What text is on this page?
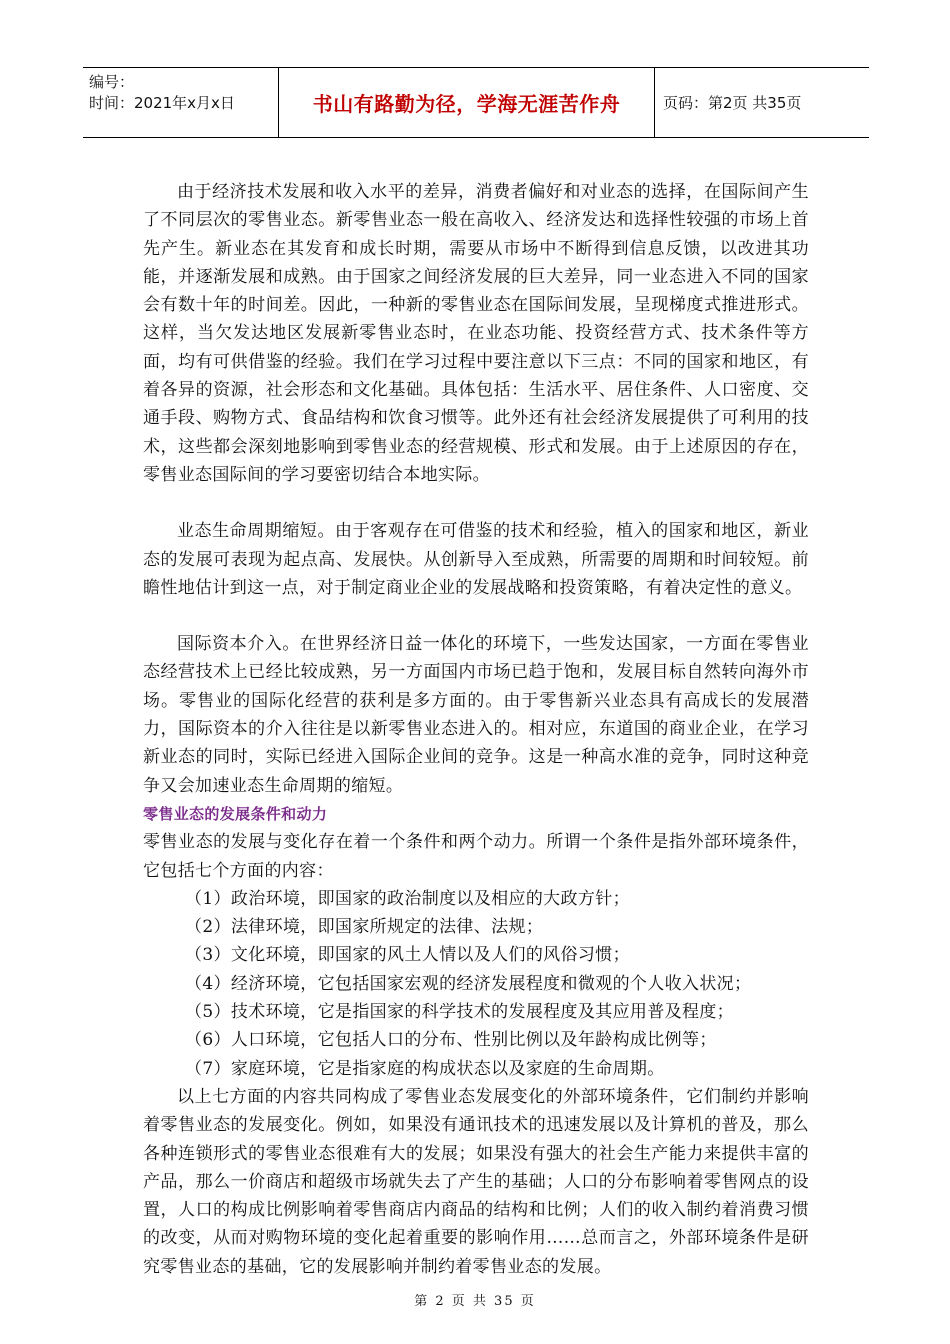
编号：
时间：2021年x月x日	书山有路勤为径，学海无涯苦作舟	页码：第2页 共35页

由于经济技术发展和收入水平的差异，消费者偏好和对业态的选择，在国际间产生了不同层次的零售业态。新零售业态一般在高收入、经济发达和选择性较强的市场上首先产生。新业态在其发育和成长时期，需要从市场中不断得到信息反馈，以改进其功能，并逐渐发展和成熟。由于国家之间经济发展的巨大差异，同一业态进入不同的国家会有数十年的时间差。因此，一种新的零售业态在国际间发展，呈现梯度式推进形式。这样，当欠发达地区发展新零售业态时，在业态功能、投资经营方式、技术条件等方面，均有可供借鉴的经验。我们在学习过程中要注意以下三点：不同的国家和地区，有着各异的资源，社会形态和文化基础。具体包括：生活水平、居住条件、人口密度、交通手段、购物方式、食品结构和饮食习惯等。此外还有社会经济发展提供了可利用的技术，这些都会深刻地影响到零售业态的经营规模、形式和发展。由于上述原因的存在，零售业态国际间的学习要密切结合本地实际。

业态生命周期缩短。由于客观存在可借鉴的技术和经验，植入的国家和地区，新业态的发展可表现为起点高、发展快。从创新导入至成熟，所需要的周期和时间较短。前瞻性地估计到这一点，对于制定商业企业的发展战略和投资策略，有着决定性的意义。

国际资本介入。在世界经济日益一体化的环境下，一些发达国家，一方面在零售业态经营技术上已经比较成熟，另一方面国内市场已趋于饱和，发展目标自然转向海外市场。零售业的国际化经营的获利是多方面的。由于零售新兴业态具有高成长的发展潜力，国际资本的介入往往是以新零售业态进入的。相对应，东道国的商业企业，在学习新业态的同时，实际已经进入国际企业间的竞争。这是一种高水准的竞争，同时这种竞争又会加速业态生命周期的缩短。

零售业态的发展条件和动力

零售业态的发展与变化存在着一个条件和两个动力。所谓一个条件是指外部环境条件，它包括七个方面的内容：

（1）政治环境，即国家的政治制度以及相应的大政方针；
（2）法律环境，即国家所规定的法律、法规；
（3）文化环境，即国家的风土人情以及人们的风俗习惯；
（4）经济环境，它包括国家宏观的经济发展程度和微观的个人收入状况；
（5）技术环境，它是指国家的科学技术的发展程度及其应用普及程度；
（6）人口环境，它包括人口的分布、性别比例以及年龄构成比例等；
（7）家庭环境，它是指家庭的构成状态以及家庭的生命周期。

以上七方面的内容共同构成了零售业态发展变化的外部环境条件，它们制约并影响着零售业态的发展变化。例如，如果没有通讯技术的迅速发展以及计算机的普及，那么各种连锁形式的零售业态很难有大的发展；如果没有强大的社会生产能力来提供丰富的产品，那么一价商店和超级市场就失去了产生的基础；人口的分布影响着零售网点的设置，人口的构成比例影响着零售商店内商品的结构和比例；人们的收入制约着消费习惯的改变，从而对购物环境的变化起着重要的影响作用……总而言之，外部环境条件是研究零售业态的基础，它的发展影响并制约着零售业态的发展。

第 2 页 共 35 页
